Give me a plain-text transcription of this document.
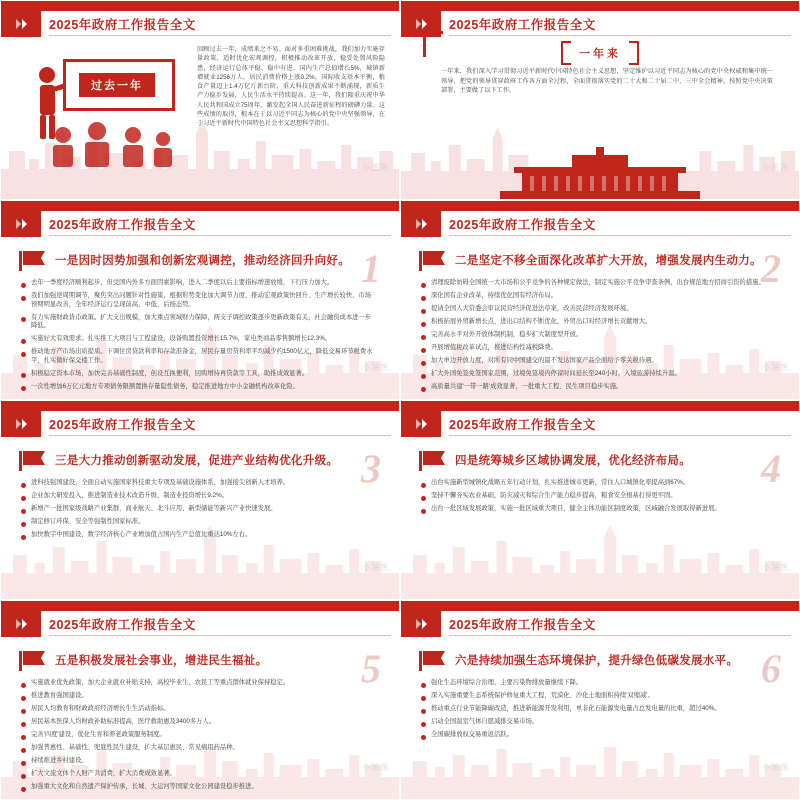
2025年政府工作报告全文
过去一年
回顾过去一年，成绩来之不易。面对多重困难挑战，我们加力实施存量政策、适时优化宏观调控，积极推动改革开放，稳妥处置风险隐患，经济运行总体平稳、稳中有进。国内生产总值增长5%，城镇新增就业1256万人，居民消费价格上涨0.2%，国际收支基本平衡，粮食产量迈上1.4万亿斤新台阶，重大科技创新成果不断涌现，新质生产力稳步发展，人民生活水平持续提高。这一年，我们隆重庆祝中华人民共和国成立75周年，激发起全国人民奋进新征程的磅礴力量。这些成绩的取得，根本在于以习近平同志为核心的党中央坚强领导，在于习近平新时代中国特色社会主义思想科学指引。
小图图
2025年政府工作报告全文
一年来
一年来，我们深入学习贯彻习近平新时代中国特色社会主义思想，坚定维护以习近平同志为核心的党中央权威和集中统一领导，把党的领导贯穿政府工作各方面全过程，全面贯彻落实党的二十大和二十届二中、三中全会精神，按照党中央决策部署，主要做了以下工作。
小图图
2025年政府工作报告全文
1
一是因时因势加强和创新宏观调控，推动经济回升向好。
去年一季度经济顺利起步，但受国内外多方面因素影响，进入二季度以后主要指标增速放缓，下行压力加大。
我们加强逆周期调节，聚焦突出问题针对性施策，根据形势变化加大调节力度，推动宏观政策快回升、生产增长较快、市场预期明显改善，全年经济运行呈现前高、中低、后扬态势。
有力实施财政货币政策。扩大支出规模，加大重点领域财力保障，两支子调控政策逐步更新政策有关，社会融资成本进一步降低。
实施好大有效需求。扎实推工大项目与工程建设，设备购置投资增长15.7%，家电类商品零售额增长12.3%。
推动地方产市场出质提质。下调住房贷款利率和存款准备金，居民存量房贷利率平均减少约1500亿元，降低交易环节税费水平，扎实做好保交楼工作。
积极稳定资本市场，加快完善基础性制度，创设互换便利，回购增持再贷款等工具，助推成效显著。
一次性增加6万亿元地方专项债务限额置换存量隐性债务，稳定推进地方中小金融机构改革化险。
小图图
2025年政府工作报告全文
2
二是坚定不移全面深化改革扩大开放，增强发展内生动力。
清理废除妨碍全国统一大市场和公平竞争的各种规定做法，制定实施公平竞争审查条例，出台规范地方招商引资的措施。
深化国有企业改革，持续优化国有经济布局。
提请全国人大常委会审议民营经济促进法草案，改善民营经济发展环境。
积极拓展外贸新增长点，进出口结构不断优化，外贸出口对经济增长贡献增大。
完善高水平对外开放体制机制，稳步扩大制度型开放。
开展增值税改革试点，推进结构性减税降费。
加大单边开放力度，对所有同中国建交的最不发达国家产品全面给予零关税待遇。
扩大外国免签免签国家范围，过境免签境内停留时间延长至240小时，入境旅游持续升温。
高质量共建'一带一路'成效显著，一批重大工程、民生项目稳步实施。
小图图
2025年政府工作报告全文
3
三是大力推动创新驱动发展，促进产业结构优化升级。
进科技强国建设，全面自动实施国家科技重大专项及基础设施体系，加强接尖创新人才培养。
企业加大研发投入，推进制造业技术改造升级，制造业投资增长9.2%。
新增产一批国家级战略产业集群，商业航天、北斗应用、新型储能等新兴产业快速发展。
制定修订环保、安全等强制性国家标准。
加快数字中国建设，数字经济核心产业增加值占国内生产总值比重达10%左右。
小图图
2025年政府工作报告全文
4
四是统筹城乡区域协调发展，优化经济布局。
出台实施新型城镇化战略五年行动计划，扎实推进城市更新，常住人口城镇化率提高到67%。
坚持不懈夯实农业基础，防灾减灾和综合生产能力稳步提高，粮食安全根基打得更牢固。
出台一批区域发展政策，实施一批区域重大项目，健全主体功能区制度政策，区域融合发展取得新进展。
小图图
2025年政府工作报告全文
5
五是积极发展社会事业，增进民生福祉。
实施就业优先政策，加大企业就业补贴支持，高校毕业生、农民工等重点群体就业保持稳定。
推进教育强国建设。
居民人均教育和财政政府经济增长生生活动指标。
居民基本医保人均财政补助标准提高，医疗救助惠及3400多万人。
完善'四度'建设，优化生育和养老政策服务制度。
加强普惠性、基础性、兜底性民生建设，扩大基层惠民、常见病用药品种。
持续推进乡村建设。
扩大文旅文体个人财产共消费，扩大消费成效显著。
加强重大文化和自然遗产保护传承，长城、大运河等国家文化公园建设稳步推进。
小图图
2025年政府工作报告全文
6
六是持续加强生态环境保护，提升绿色低碳发展水平。
强化生态环境综合治理，主要污染物排放量继续下降。
深入实施重要生态系统保护修复重大工程，荒漠化、沙化土地面积持续'双缩减'。
推动重点行业节能降碳改造，推进新能源开发利用，单非化石能源发电量占总发电量的比重，超过40%。
启动全国温室气体自愿减排交易市场。
全国碳排放权交易重返活跃。
小图图
